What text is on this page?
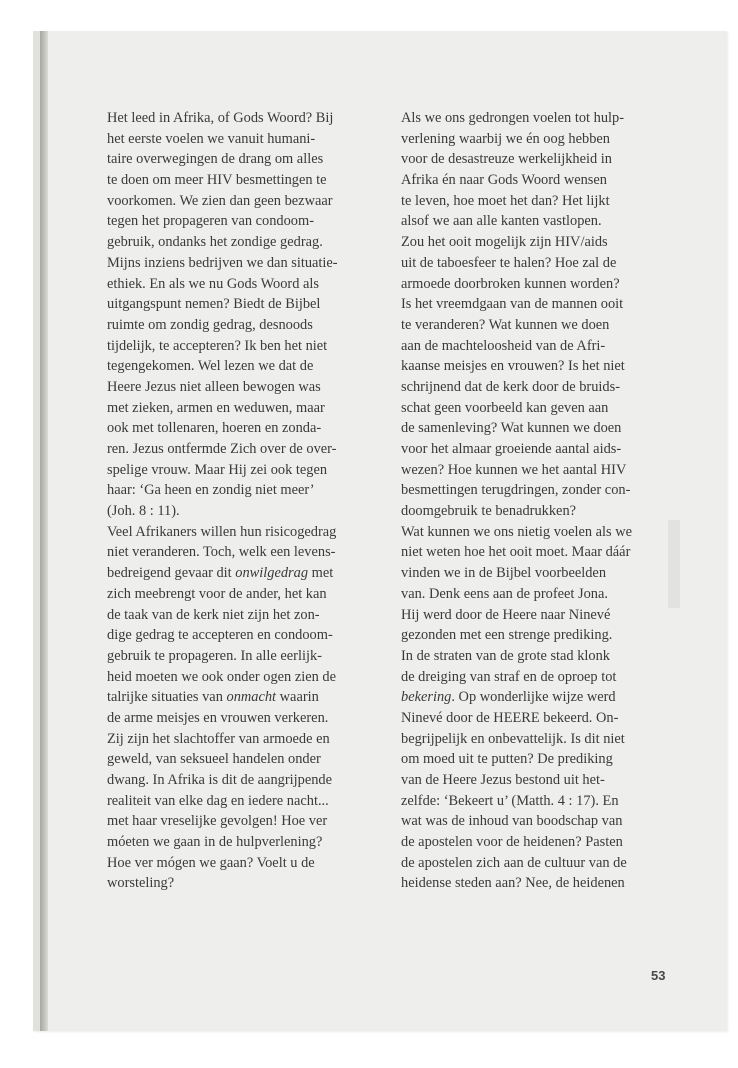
Het leed in Afrika, of Gods Woord? Bij
het eerste voelen we vanuit humani-
taire overwegingen de drang om alles
te doen om meer HIV besmettingen te
voorkomen. We zien dan geen bezwaar
tegen het propageren van condoom-
gebruik, ondanks het zondige gedrag.
Mijns inziens bedrijven we dan situatie-
ethiek. En als we nu Gods Woord als
uitgangspunt nemen? Biedt de Bijbel
ruimte om zondig gedrag, desnoods
tijdelijk, te accepteren? Ik ben het niet
tegengekomen. Wel lezen we dat de
Heere Jezus niet alleen bewogen was
met zieken, armen en weduwen, maar
ook met tollenaren, hoeren en zonda-
ren. Jezus ontfermde Zich over de over-
spelige vrouw. Maar Hij zei ook tegen
haar: ‘Ga heen en zondig niet meer’
(Joh. 8 : 11).
Veel Afrikaners willen hun risicogedrag
niet veranderen. Toch, welk een levens-
bedreigend gevaar dit onwilgedrag met
zich meebrengt voor de ander, het kan
de taak van de kerk niet zijn het zon-
dige gedrag te accepteren en condoom-
gebruik te propageren. In alle eerlijk-
heid moeten we ook onder ogen zien de
talrijke situaties van onmacht waarin
de arme meisjes en vrouwen verkeren.
Zij zijn het slachtoffer van armoede en
geweld, van seksueel handelen onder
dwang. In Afrika is dit de aangrijpende
realiteit van elke dag en iedere nacht...
met haar vreselijke gevolgen! Hoe ver
móeten we gaan in de hulpverlening?
Hoe ver mógen we gaan? Voelt u de
worsteling?
Als we ons gedrongen voelen tot hulp-
verlening waarbij we én oog hebben
voor de desastreuze werkelijkheid in
Afrika én naar Gods Woord wensen
te leven, hoe moet het dan? Het lijkt
alsof we aan alle kanten vastlopen.
Zou het ooit mogelijk zijn HIV/aids
uit de taboesfeer te halen? Hoe zal de
armoede doorbroken kunnen worden?
Is het vreemdgaan van de mannen ooit
te veranderen? Wat kunnen we doen
aan de machteloosheid van de Afri-
kaanse meisjes en vrouwen? Is het niet
schrijnend dat de kerk door de bruids-
schat geen voorbeeld kan geven aan
de samenleving? Wat kunnen we doen
voor het almaar groeiende aantal aids-
wezen? Hoe kunnen we het aantal HIV
besmettingen terugdringen, zonder con-
doomgebruik te benadrukken?
Wat kunnen we ons nietig voelen als we
niet weten hoe het ooit moet. Maar dáár
vinden we in de Bijbel voorbeelden
van. Denk eens aan de profeet Jona.
Hij werd door de Heere naar Ninevé
gezonden met een strenge prediking.
In de straten van de grote stad klonk
de dreiging van straf en de oproep tot
bekering. Op wonderlijke wijze werd
Ninevé door de HEERE bekeerd. On-
begrijpelijk en onbevattelijk. Is dit niet
om moed uit te putten? De prediking
van de Heere Jezus bestond uit het-
zelfde: ‘Bekeert u’ (Matth. 4 : 17). En
wat was de inhoud van boodschap van
de apostelen voor de heidenen? Pasten
de apostelen zich aan de cultuur van de
heidense steden aan? Nee, de heidenen
53
